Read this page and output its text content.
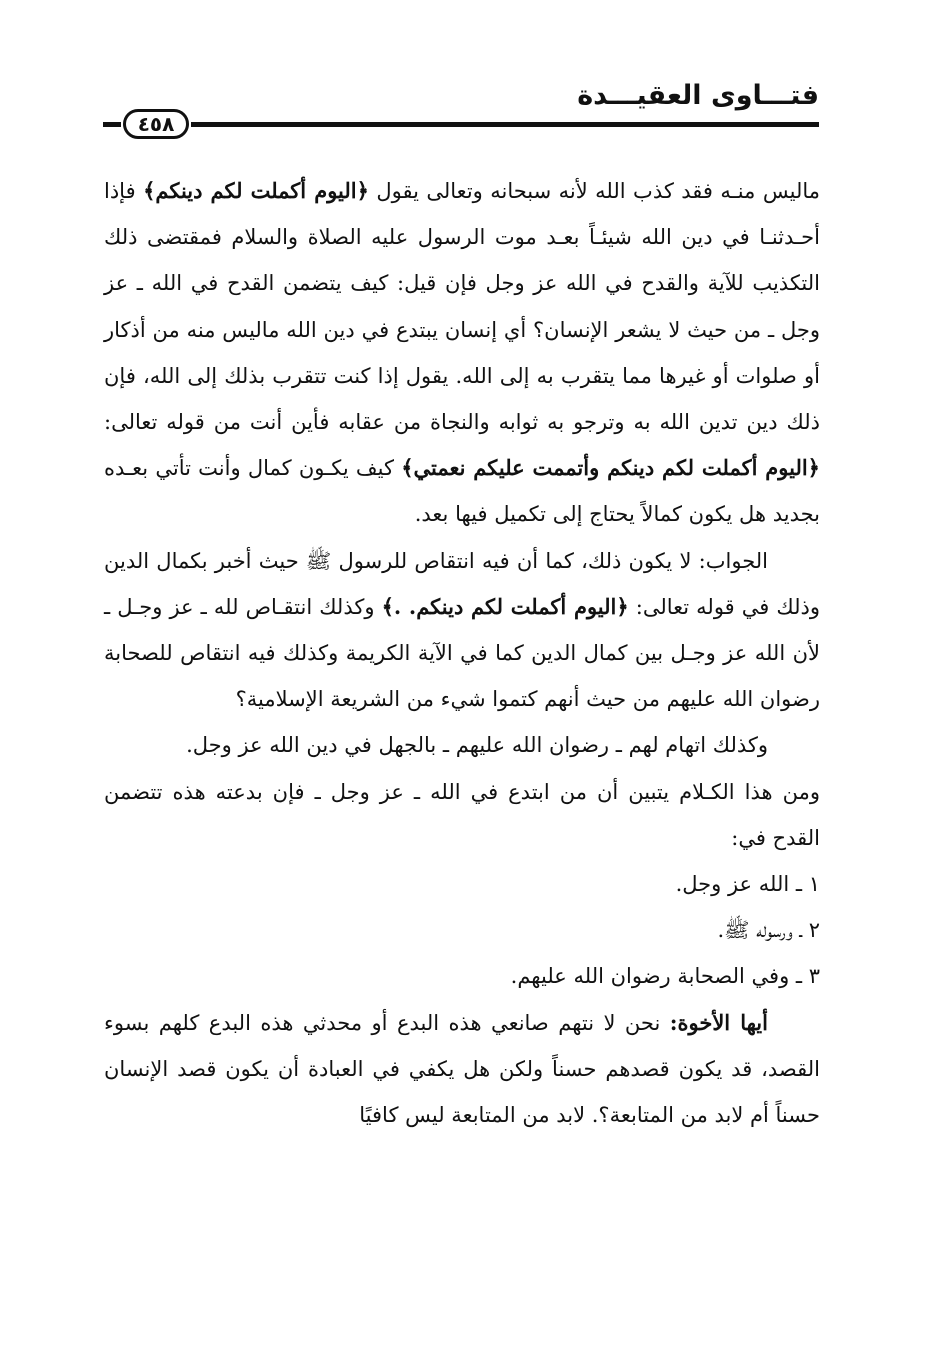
فتـــاوى العقيـــدة
٤٥٨

ماليس منـه فقد كذب الله لأنه سبحانه وتعالى يقول ﴿اليوم أكملت لكم دينكم﴾ فإذا أحـدثنـا في دين الله شيئـاً بعـد موت الرسول عليه الصلاة والسلام فمقتضى ذلك التكذيب للآية والقدح في الله عز وجل فإن قيل: كيف يتضمن القدح في الله ـ عز وجل ـ من حيث لا يشعر الإنسان؟ أي إنسان يبتدع في دين الله ماليس منه من أذكار أو صلوات أو غيرها مما يتقرب به إلى الله. يقول إذا كنت تتقرب بذلك إلى الله، فإن ذلك دين تدين الله به وترجو به ثوابه والنجاة من عقابه فأين أنت من قوله تعالى: ﴿اليوم أكملت لكم دينكم وأتممت عليكم نعمتي﴾ كيف يكـون كمال وأنت تأتي بعـده بجديد هل يكون كمالاً يحتاج إلى تكميل فيها بعد.

الجواب: لا يكون ذلك، كما أن فيه انتقاص للرسول ﷺ حيث أخبر بكمال الدين وذلك في قوله تعالى: ﴿اليوم أكملت لكم دينكم. .﴾ وكذلك انتقـاص لله ـ عز وجـل ـ لأن الله عز وجـل بين كمال الدين كما في الآية الكريمة وكذلك فيه انتقاص للصحابة رضوان الله عليهم من حيث أنهم كتموا شيء من الشريعة الإسلامية؟

وكذلك اتهام لهم ـ رضوان الله عليهم ـ بالجهل في دين الله عز وجل.

ومن هذا الكـلام يتبين أن من ابتدع في الله ـ عز وجل ـ فإن بدعته هذه تتضمن القدح في:

١ ـ الله عز وجل.

٢ ـ ورسوله ﷺ.

٣ ـ وفي الصحابة رضوان الله عليهم.

أيها الأخوة: نحن لا نتهم صانعي هذه البدع أو محدثي هذه البدع كلهم بسوء القصد، قد يكون قصدهم حسناً ولكن هل يكفي في العبادة أن يكون قصد الإنسان حسناً أم لابد من المتابعة؟. لابد من المتابعة ليس كافيًا
